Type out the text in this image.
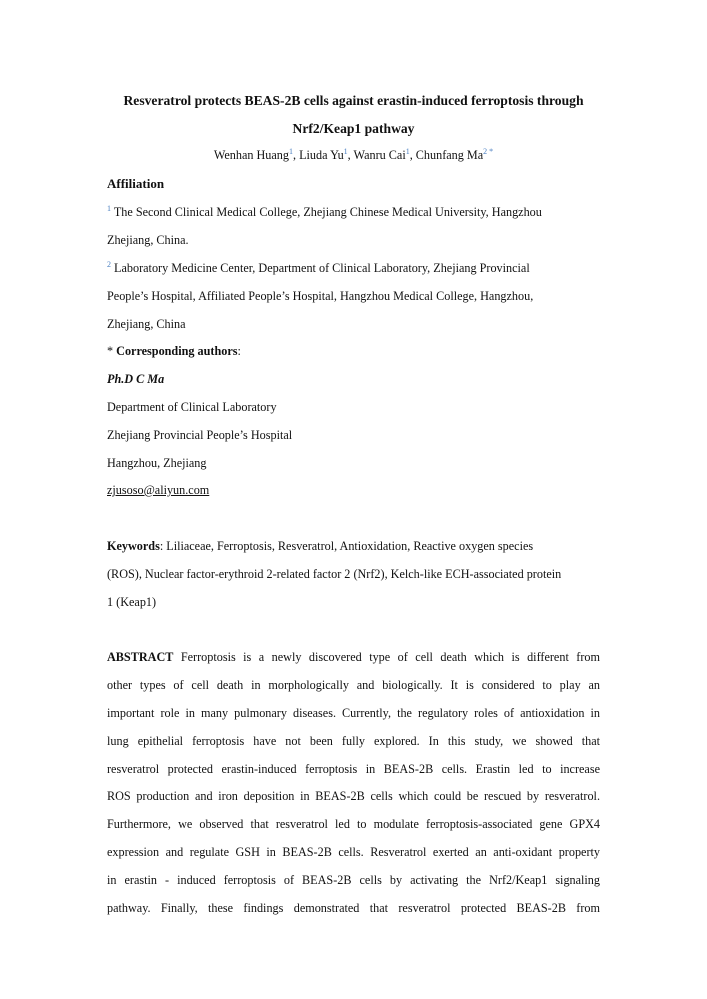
Resveratrol protects BEAS-2B cells against erastin-induced ferroptosis through
Nrf2/Keap1 pathway
Wenhan Huang$^1$, Liuda Yu$^1$, Wanru Cai$^1$, Chunfang $Ma^{2 *}$
Affiliation
$^1$ The Second Clinical Medical College, Zhejiang Chinese Medical University, Hangzhou
Zhejiang, China.
$^2$ Laboratory Medicine Center, Department of Clinical Laboratory, Zhejiang Provincial
People’s Hospital, Affiliated People’s Hospital, Hangzhou Medical College, Hangzhou,
Zhejiang, China
* Corresponding authors:
Ph.D C Ma
Department of Clinical Laboratory
Zhejiang Provincial People’s Hospital
Hangzhou, Zhejiang
zjusoso@aliyun.com
Keywords: Liliaceae, Ferroptosis, Resveratrol, Antioxidation, Reactive oxygen species
(ROS), Nuclear factor-erythroid 2-related factor 2 (Nrf2), Kelch-like ECH-associated protein
1 (Keap1)
ABSTRACT Ferroptosis is a newly discovered type of cell death which is different from
other types of cell death in morphologically and biologically. It is considered to play an
important role in many pulmonary diseases. Currently, the regulatory roles of antioxidation in
lung epithelial ferroptosis have not been fully explored. In this study, we showed that
resveratrol protected erastin-induced ferroptosis in BEAS-2B cells. Erastin led to increase
ROS production and iron deposition in BEAS-2B cells which could be rescued by resveratrol.
Furthermore, we observed that resveratrol led to modulate ferroptosis-associated gene GPX4
expression and regulate GSH in BEAS-2B cells. Resveratrol exerted an anti-oxidant property
in erastin - induced ferroptosis of BEAS-2B cells by activating the Nrf2/Keap1 signaling
pathway. Finally, these findings demonstrated that resveratrol protected BEAS-2B from
